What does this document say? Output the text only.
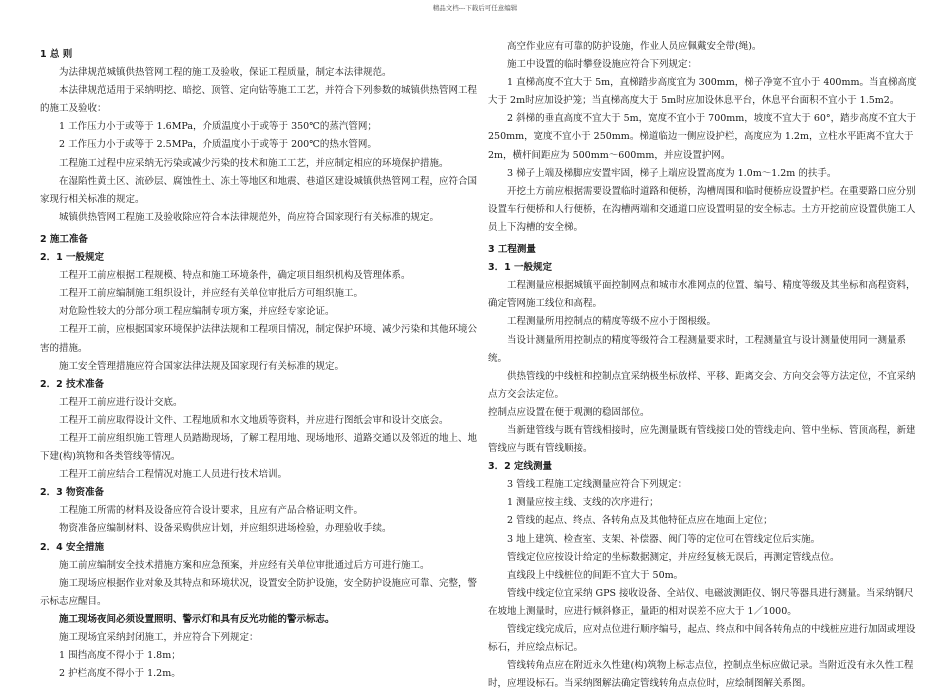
精品文档---下载后可任意编辑
1 总 则
为法律规范城镇供热管网工程的施工及验收，保证工程质量，制定本法律规范。
本法律规范适用于采纳明挖、暗挖、顶管、定向钻等施工工艺，并符合下列参数的城镇供热管网工程的施工及验收：
1 工作压力小于或等于 1.6MPa，介质温度小于或等于 350℃的蒸汽管网；
2 工作压力小于或等于 2.5MPa，介质温度小于或等于 200℃的热水管网。
工程施工过程中应采纳无污染或减少污染的技术和施工工艺，并应制定相应的环境保护措施。
在湿陷性黄土区、流砂层、腐蚀性土、冻土等地区和地震、巷道区建设城镇供热管网工程，应符合国家现行相关标准的规定。
城镇供热管网工程施工及验收除应符合本法律规范外，尚应符合国家现行有关标准的规定。
2 施工准备
2．1 一般规定
工程开工前应根据工程规模、特点和施工环境条件，确定项目组织机构及管理体系。
工程开工前应编制施工组织设计，并应经有关单位审批后方可组织施工。
对危险性较大的分部分项工程应编制专项方案，并应经专家论证。
工程开工前，应根据国家环境保护法律法规和工程项目情况，制定保护环境、减少污染和其他环境公害的措施。
施工安全管理措施应符合国家法律法规及国家现行有关标准的规定。
2．2 技术准备
工程开工前应进行设计交底。
工程开工前应取得设计文件、工程地质和水文地质等资料，并应进行图纸会审和设计交底会。
工程开工前应组织施工管理人员踏勘现场，了解工程用地、现场地形、道路交通以及邻近的地上、地下建(构)筑物和各类管线等情况。
工程开工前应结合工程情况对施工人员进行技术培训。
2．3 物资准备
工程施工所需的材料及设备应符合设计要求，且应有产品合格证明文件。
物资准备应编制材料、设备采购供应计划，并应组织进场检验，办理验收手续。
2．4 安全措施
施工前应编制安全技术措施方案和应急预案，并应经有关单位审批通过后方可进行施工。
施工现场应根据作业对象及其特点和环境状况，设置安全防护设施，安全防护设施应可靠、完整，警示标志应醒目。
施工现场夜间必须设置照明、警示灯和具有反光功能的警示标志。
施工现场宜采纳封闭施工，并应符合下列规定：
1 围挡高度不得小于 1.8m；
2 护栏高度不得小于 1.2m。
高空作业应有可靠的防护设施，作业人员应佩戴安全带(绳)。
施工中设置的临时攀登设施应符合下列规定：
1 直梯高度不宜大于 5m，直梯踏步高度宜为 300mm，梯子净宽不宜小于 400mm。当直梯高度大于 2m时应加设护笼；当直梯高度大于 5m时应加设休息平台，休息平台面积不宜小于 1.5m2。
2 斜梯的垂直高度不宜大于 5m，宽度不宜小于 700mm，坡度不宜大于 60°，踏步高度不宜大于 250mm，宽度不宜小于 250mm。梯道临边一侧应设护栏，高度应为 1.2m，立柱水平距离不宜大于 2m，横杆间距应为 500mm～600mm，并应设置护网。
3 梯子上端及梯脚应安置牢固，梯子上端应设置高度为 1.0m～1.2m 的扶手。
开挖土方前应根据需要设置临时道路和便桥，沟槽周围和临时便桥应设置护栏。在重要路口应分别设置车行便桥和人行便桥，在沟槽两端和交通道口应设置明显的安全标志。土方开挖前应设置供施工人员上下沟槽的安全梯。
3 工程测量
3．1 一般规定
工程测量应根据城镇平面控制网点和城市水准网点的位置、编号、精度等级及其坐标和高程资料，确定管网施工线位和高程。
工程测量所用控制点的精度等级不应小于图根级。
当设计测量所用控制点的精度等级符合工程测量要求时，工程测量宜与设计测量使用同一测量系统。
供热管线的中线桩和控制点宜采纳极坐标放样、平移、距离交会、方向交会等方法定位，不宜采纳点方交会法定位。
控制点应设置在便于观测的稳固部位。
当新建管线与既有管线相接时，应先测量既有管线接口处的管线走向、管中坐标、管顶高程，新建管线应与既有管线顺接。
3．2 定线测量
3 管线工程施工定线测量应符合下列规定：
1 测量应按主线、支线的次序进行；
2 管线的起点、终点、各转角点及其他特征点应在地面上定位；
3 地上建筑、检查室、支架、补偿器、阀门等的定位可在管线定位后实施。
管线定位应按设计给定的坐标数据测定，并应经复核无误后，再测定管线点位。
直线段上中线桩位的间距不宜大于 50m。
管线中线定位宜采纳 GPS 接收设备、全站仪、电磁波测距仪、钢尺等器具进行测量。当采纳钢尺在坡地上测量时，应进行倾斜修正，量距的相对误差不应大于 1／1000。
管线定线完成后，应对点位进行顺序编号，起点、终点和中间各转角点的中线桩应进行加固或埋设标石，并应绘点标记。
管线转角点应在附近永久性建(构)筑物上标志点位，控制点坐标应做记录。当附近没有永久性工程时，应埋设标石。当采纳图解法确定管线转角点点位时，应绘制图解关系图。
